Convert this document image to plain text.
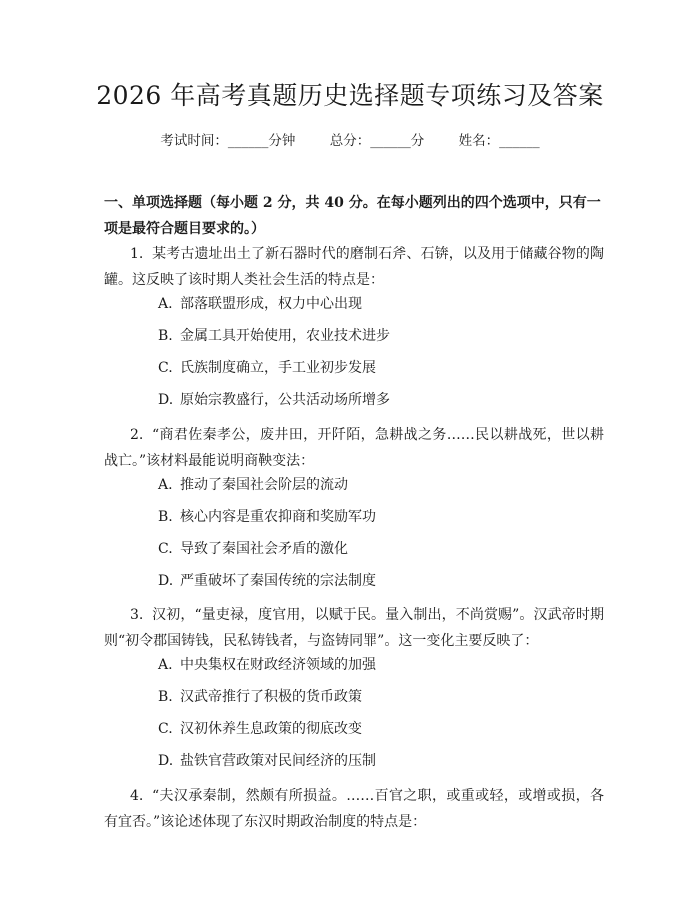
2026 年高考真题历史选择题专项练习及答案
考试时间：______分钟	总分：______分	姓名：______
一、单项选择题（每小题 2 分，共 40 分。在每小题列出的四个选项中，只有一项是最符合题目要求的。）
1. 某考古遗址出土了新石器时代的磨制石斧、石锛，以及用于储藏谷物的陶罐。这反映了该时期人类社会生活的特点是：
A. 部落联盟形成，权力中心出现
B. 金属工具开始使用，农业技术进步
C. 氏族制度确立，手工业初步发展
D. 原始宗教盛行，公共活动场所增多
2. “商君佐秦孝公，废井田，开阡陌，急耕战之务……民以耕战死，世以耕战亡。”该材料最能说明商鞅变法：
A. 推动了秦国社会阶层的流动
B. 核心内容是重农抑商和奖励军功
C. 导致了秦国社会矛盾的激化
D. 严重破坏了秦国传统的宗法制度
3. 汉初，“量吏禄，度官用，以赋于民。量入制出，不尚赏赐”。汉武帝时期则“初令郡国铸钱，民私铸钱者，与盗铸同罪”。这一变化主要反映了：
A. 中央集权在财政经济领域的加强
B. 汉武帝推行了积极的货币政策
C. 汉初休养生息政策的彻底改变
D. 盐铁官营政策对民间经济的压制
4. “夫汉承秦制，然颇有所损益。……百官之职，或重或轻，或增或损，各有宜否。”该论述体现了东汉时期政治制度的特点是：
